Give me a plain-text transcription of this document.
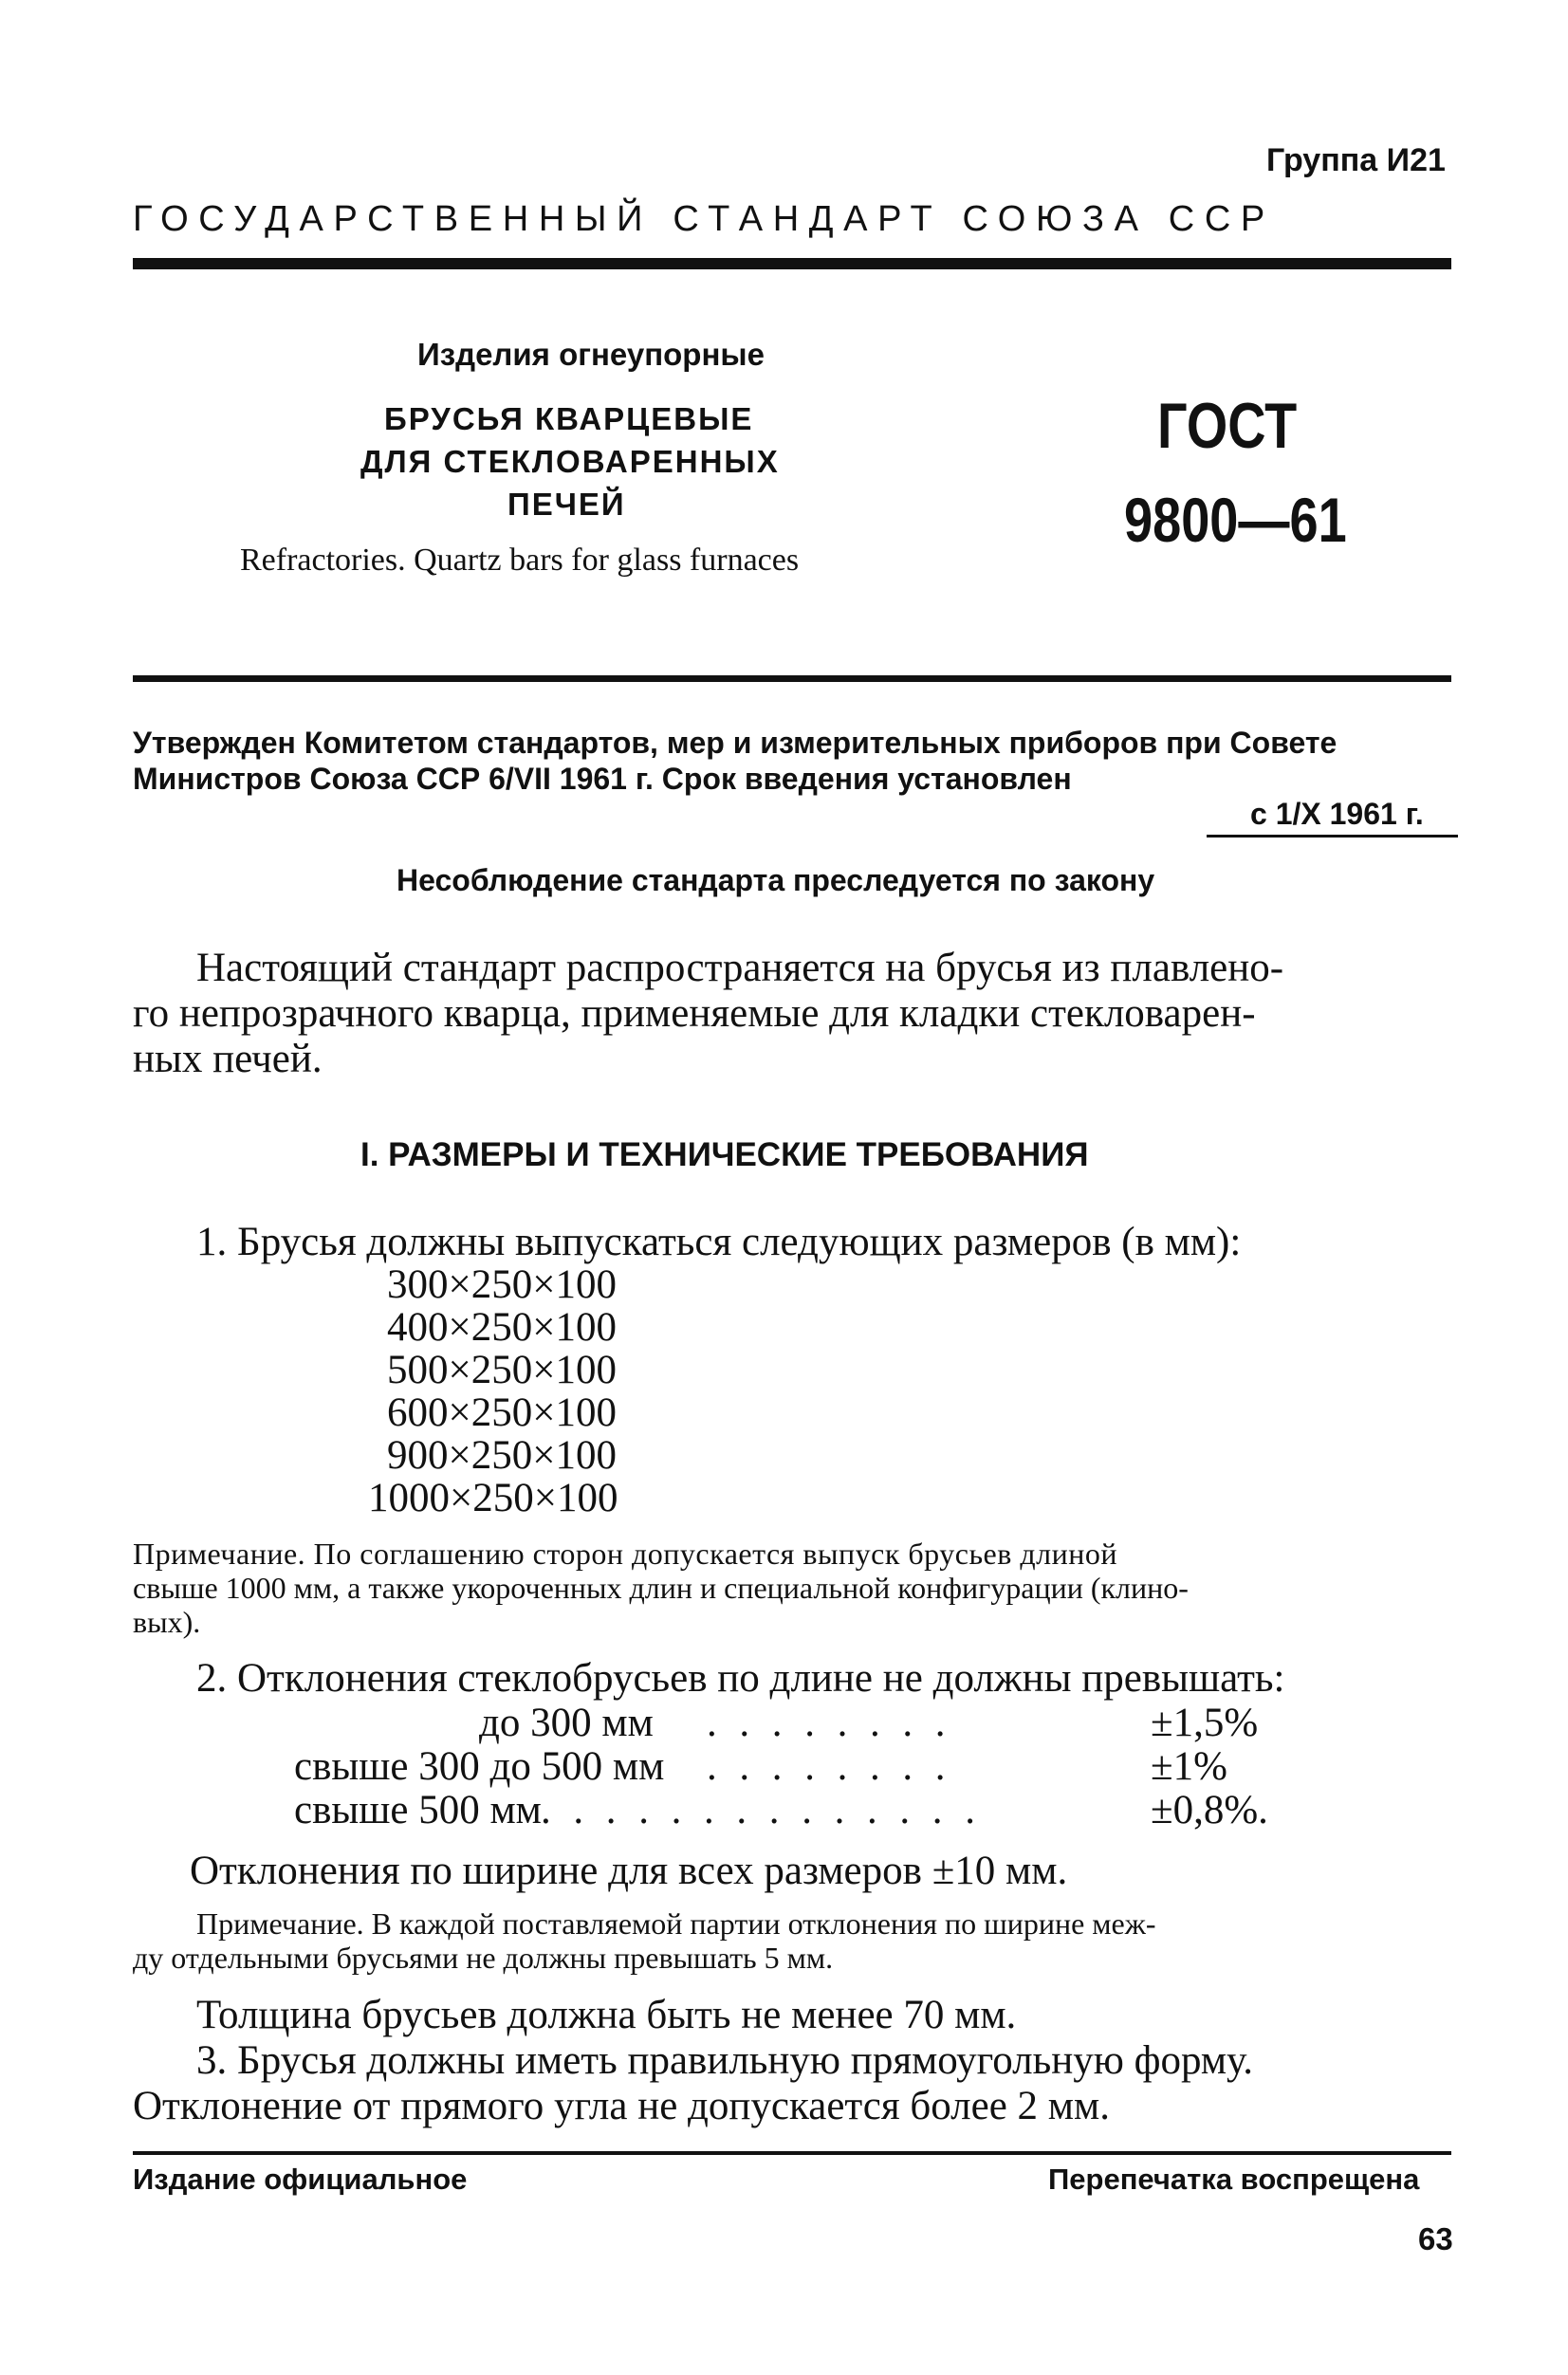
Группа И21
ГОСУДАРСТВЕННЫЙ СТАНДАРТ СОЮЗА ССР
Изделия огнеупорные
БРУСЬЯ КВАРЦЕВЫЕ
ДЛЯ СТЕКЛОВАРЕННЫХ
ПЕЧЕЙ
Refractories. Quartz bars for glass furnaces
ГОСТ
9800—61
Утвержден Комитетом стандартов, мер и измерительных приборов при Совете
Министров Союза ССР 6/VII 1961 г. Срок введения установлен
с 1/X 1961 г.
Несоблюдение стандарта преследуется по закону
Настоящий стандарт распространяется на брусья из плавлено-
го непрозрачного кварца, применяемые для кладки стекловарен-
ных печей.
I. РАЗМЕРЫ И ТЕХНИЧЕСКИЕ ТРЕБОВАНИЯ
1. Брусья должны выпускаться следующих размеров (в мм):
300×250×100
400×250×100
500×250×100
600×250×100
900×250×100
1000×250×100
Примечание. По соглашению сторон допускается выпуск брусьев длиной
свыше 1000 мм, а также укороченных длин и специальной конфигурации (клино-
вых).
2. Отклонения стеклобрусьев по длине не должны превышать:
до 300 мм ........	±1,5%
свыше 300 до 500 мм ........	±1%
свыше 500 мм ..............	±0,8%.
Отклонения по ширине для всех размеров ±10 мм.
Примечание. В каждой поставляемой партии отклонения по ширине меж-
ду отдельными брусьями не должны превышать 5 мм.
Толщина брусьев должна быть не менее 70 мм.
3. Брусья должны иметь правильную прямоугольную форму.
Отклонение от прямого угла не допускается более 2 мм.
Издание официальное	Перепечатка воспрещена
63
